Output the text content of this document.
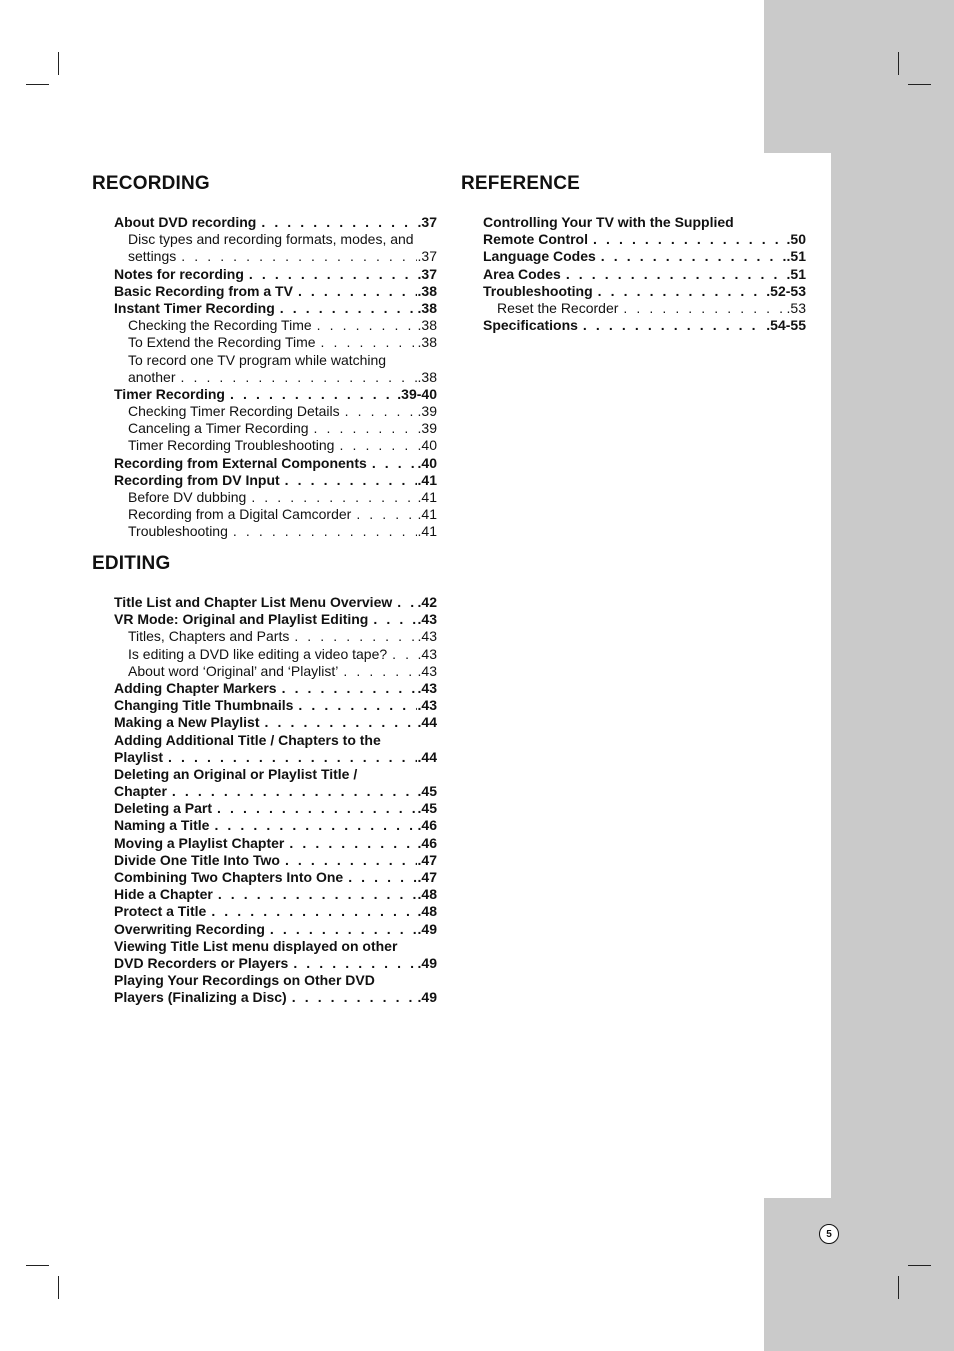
5
RECORDING
About DVD recording . . .	.37
Disc types and recording formats, modes, and
settings . . .	.37
Notes for recording . . .	.37
Basic Recording from a TV . . .	.38
Instant Timer Recording . . .	.38
Checking the Recording Time . . .	.38
To Extend the Recording Time . . .	.38
To record one TV program while watching
another . . .	.38
Timer Recording . . .	.39-40
Checking Timer Recording Details . . .	.39
Canceling a Timer Recording . . .	.39
Timer Recording Troubleshooting . . .	.40
Recording from External Components . . .	.40
Recording from DV Input . . .	.41
Before DV dubbing . . .	.41
Recording from a Digital Camcorder . . .	.41
Troubleshooting . . .	.41
EDITING
Title List and Chapter List Menu Overview . . . .42
VR Mode: Original and Playlist Editing . . .	.43
Titles, Chapters and Parts . . .	.43
Is editing a DVD like editing a video tape? . . . .43
About word ‘Original’ and ‘Playlist’ . . .	.43
Adding Chapter Markers . . .	.43
Changing Title Thumbnails . . .	.43
Making a New Playlist . . .	.44
Adding Additional Title / Chapters to the
Playlist . . .	.44
Deleting an Original or Playlist Title /
Chapter . . .	.45
Deleting a Part . . .	.45
Naming a Title . . .	.46
Moving a Playlist Chapter . . .	.46
Divide One Title Into Two . . .	.47
Combining Two Chapters Into One . . .	.47
Hide a Chapter . . .	.48
Protect a Title . . .	.48
Overwriting Recording . . .	.49
Viewing Title List menu displayed on other
DVD Recorders or Players . . .	.49
Playing Your Recordings on Other DVD
Players (Finalizing a Disc) . . .	.49
REFERENCE
Controlling Your TV with the Supplied
Remote Control . . .	.50
Language Codes . . .	.51
Area Codes . . .	.51
Troubleshooting . . .	.52-53
Reset the Recorder . . .	.53
Specifications . . .	.54-55
